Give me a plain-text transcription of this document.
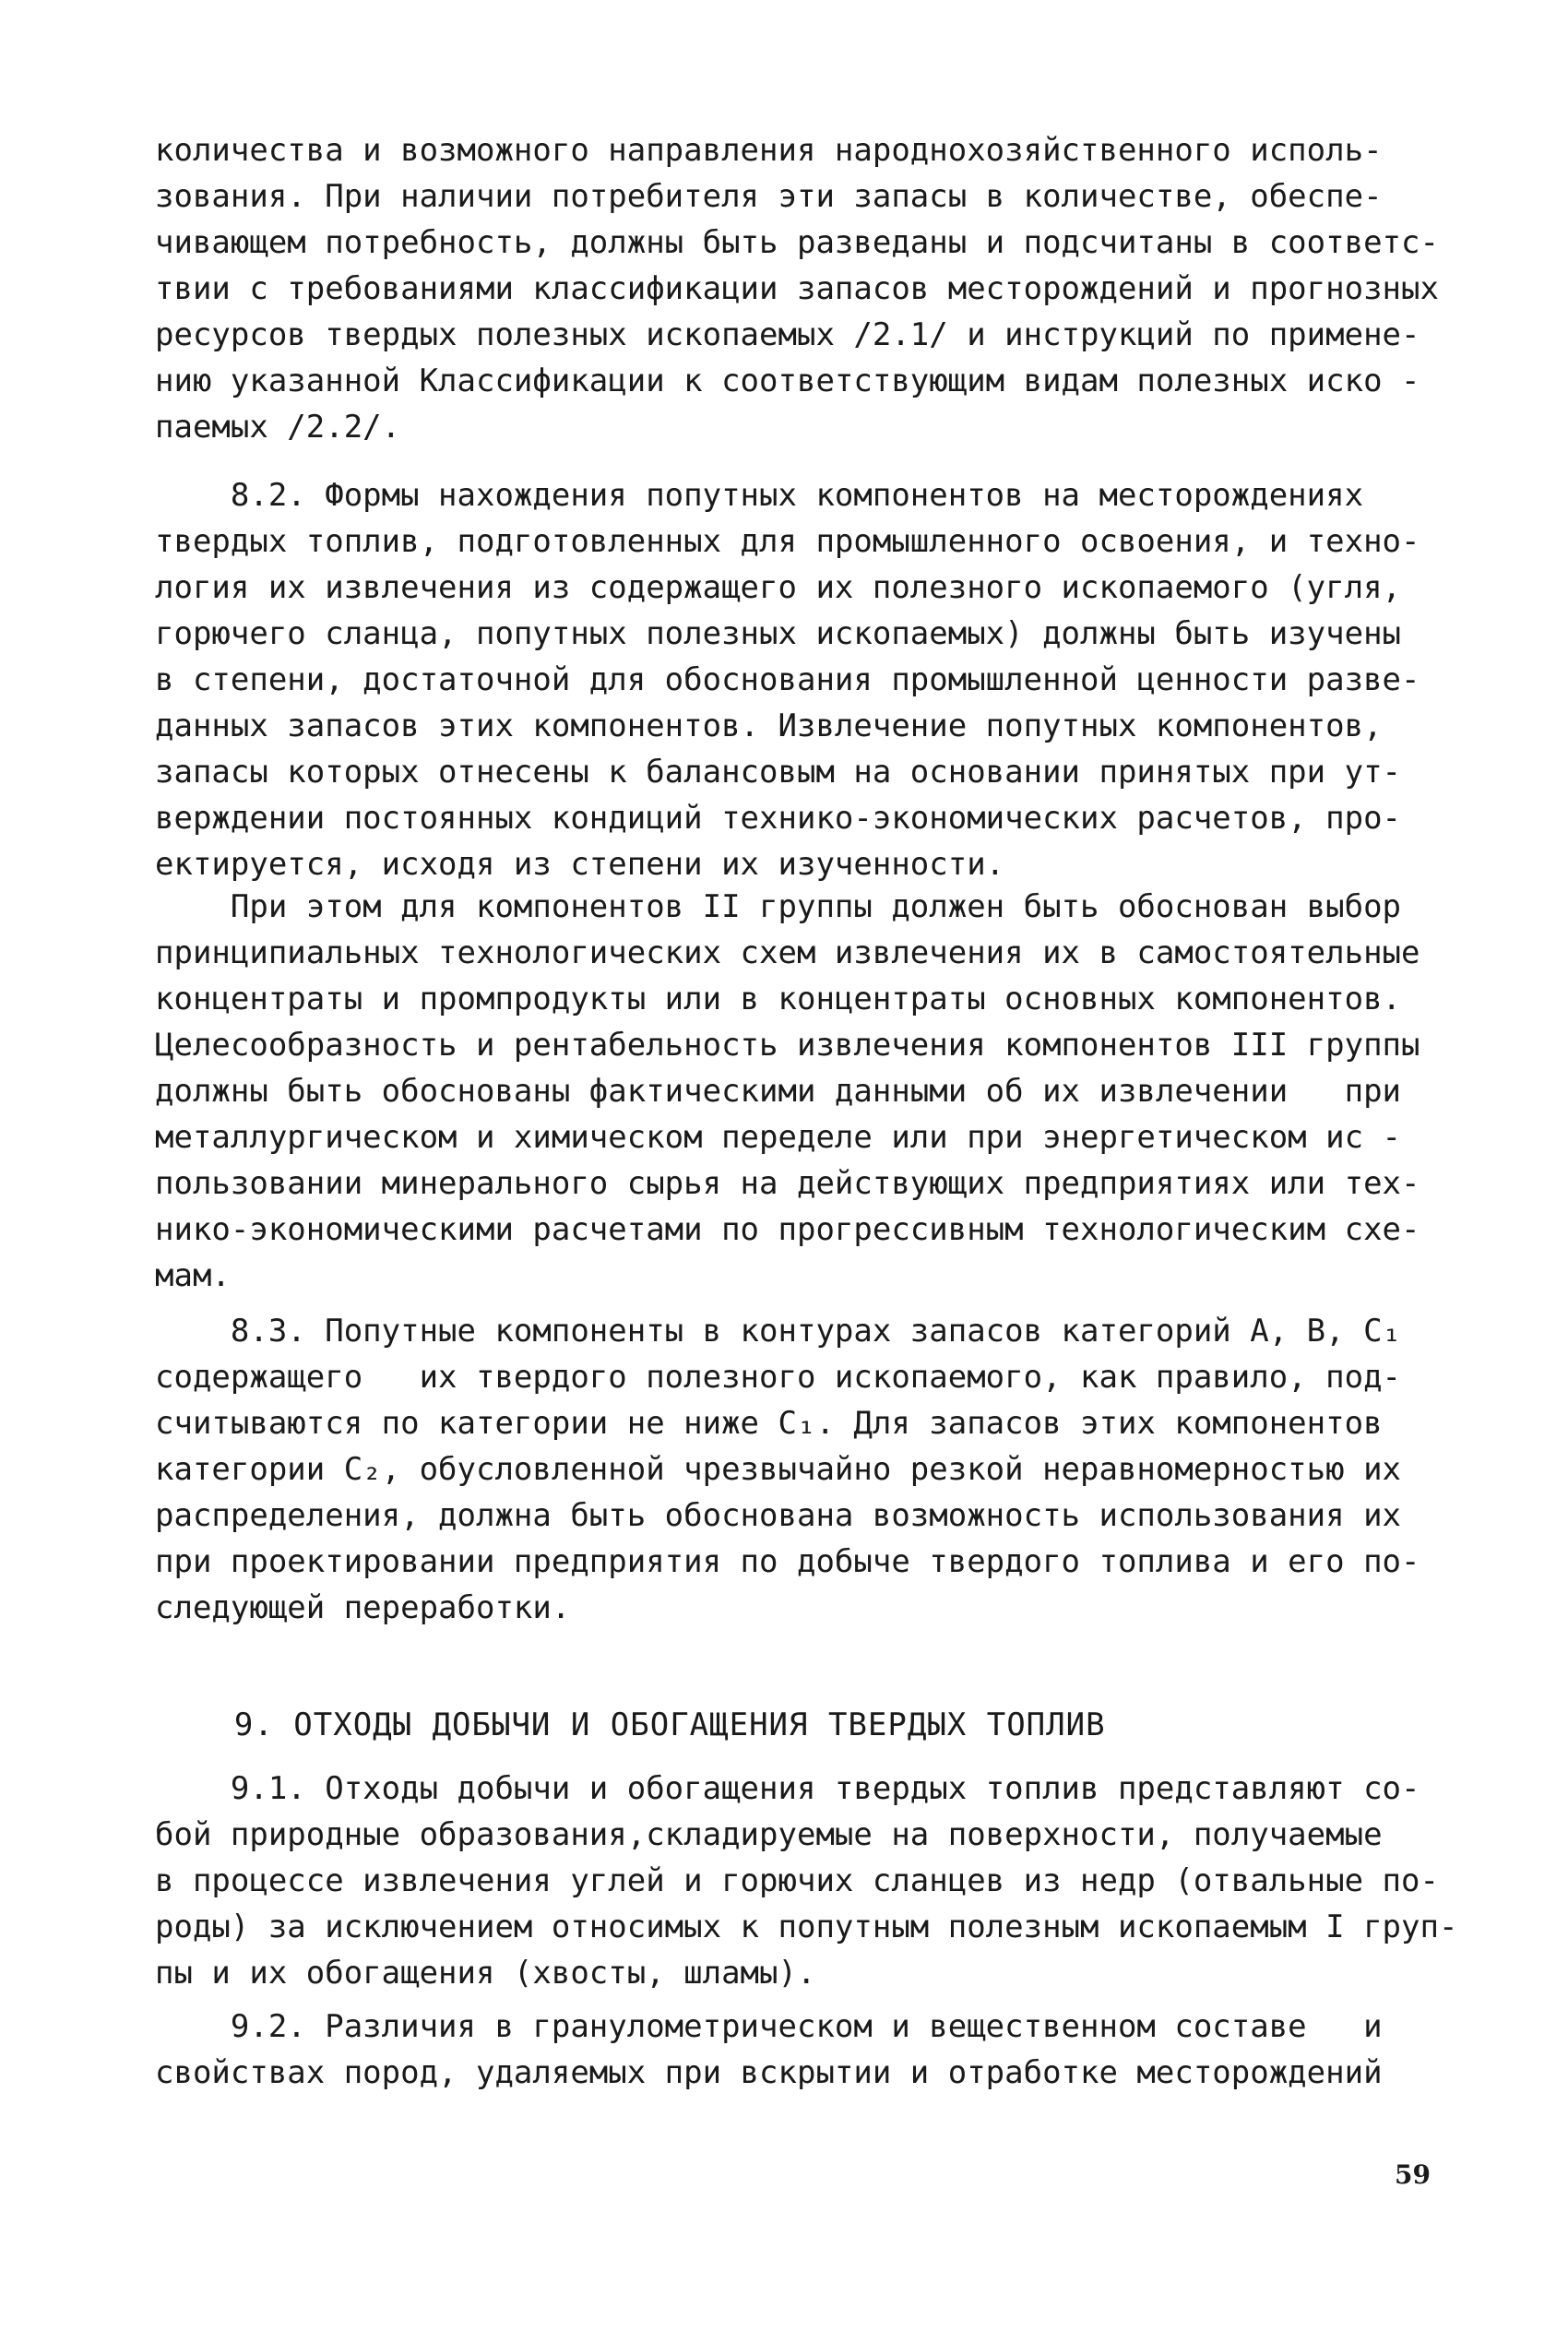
количества и возможного направления народнохозяйственного исполь-
зования. При наличии потребителя эти запасы в количестве, обеспе-
чивающем потребность, должны быть разведаны и подсчитаны в соответс-
твии с требованиями классификации запасов месторождений и прогнозных
ресурсов твердых полезных ископаемых /2.1/ и инструкций по примене-
нию указанной Классификации к соответствующим видам полезных иско -
паемых /2.2/.
8.2. Формы нахождения попутных компонентов на месторождениях
твердых топлив, подготовленных для промышленного освоения, и техно-
логия их извлечения из содержащего их полезного ископаемого (угля,
горючего сланца, попутных полезных ископаемых) должны быть изучены
в степени, достаточной для обоснования промышленной ценности разве-
данных запасов этих компонентов. Извлечение попутных компонентов,
запасы которых отнесены к балансовым на основании принятых при ут-
верждении постоянных кондиций технико-экономических расчетов, про-
ектируется, исходя из степени их изученности.
При этом для компонентов II группы должен быть обоснован выбор
принципиальных технологических схем извлечения их в самостоятельные
концентраты и промпродукты или в концентраты основных компонентов.
Целесообразность и рентабельность извлечения компонентов III группы
должны быть обоснованы фактическими данными об их извлечении   при
металлургическом и химическом переделе или при энергетическом ис -
пользовании минерального сырья на действующих предприятиях или тех-
нико-экономическими расчетами по прогрессивным технологическим схе-
мам.
8.3. Попутные компоненты в контурах запасов категорий А, В, C₁
содержащего   их твердого полезного ископаемого, как правило, под-
считываются по категории не ниже C₁. Для запасов этих компонентов
категории C₂, обусловленной чрезвычайно резкой неравномерностью их
распределения, должна быть обоснована возможность использования их
при проектировании предприятия по добыче твердого топлива и его по-
следующей переработки.
9. ОТХОДЫ ДОБЫЧИ И ОБОГАЩЕНИЯ ТВЕРДЫХ ТОПЛИВ
9.1. Отходы добычи и обогащения твердых топлив представляют со-
бой природные образования,складируемые на поверхности, получаемые
в процессе извлечения углей и горючих сланцев из недр (отвальные по-
роды) за исключением относимых к попутным полезным ископаемым I груп-
пы и их обогащения (хвосты, шламы).
9.2. Различия в гранулометрическом и вещественном составе   и
свойствах пород, удаляемых при вскрытии и отработке месторождений
59
